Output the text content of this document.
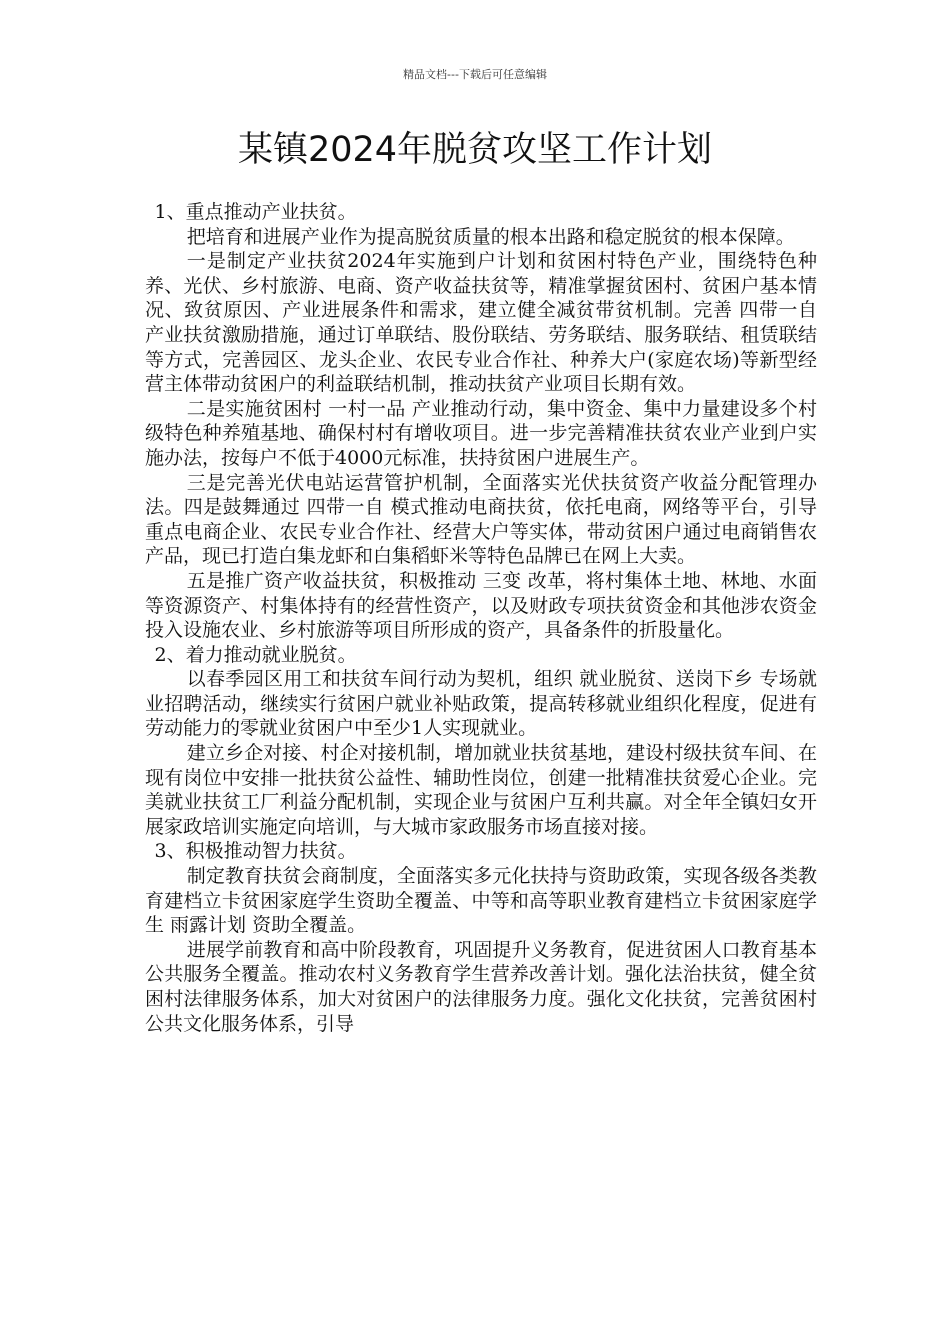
精品文档---下载后可任意编辑
某镇2024年脱贫攻坚工作计划

1、重点推动产业扶贫。

把培育和进展产业作为提高脱贫质量的根本出路和稳定脱贫的根本保障。

一是制定产业扶贫2024年实施到户计划和贫困村特色产业，围绕特色种养、光伏、乡村旅游、电商、资产收益扶贫等，精准掌握贫困村、贫困户基本情况、致贫原因、产业进展条件和需求，建立健全减贫带贫机制。完善 四带一自 产业扶贫激励措施，通过订单联结、股份联结、劳务联结、服务联结、租赁联结等方式，完善园区、龙头企业、农民专业合作社、种养大户(家庭农场)等新型经营主体带动贫困户的利益联结机制，推动扶贫产业项目长期有效。

二是实施贫困村 一村一品 产业推动行动，集中资金、集中力量建设多个村级特色种养殖基地、确保村村有增收项目。进一步完善精准扶贫农业产业到户实施办法，按每户不低于4000元标准，扶持贫困户进展生产。

三是完善光伏电站运营管护机制，全面落实光伏扶贫资产收益分配管理办法。四是鼓舞通过 四带一自 模式推动电商扶贫，依托电商，网络等平台，引导重点电商企业、农民专业合作社、经营大户等实体，带动贫困户通过电商销售农产品，现已打造白集龙虾和白集稻虾米等特色品牌已在网上大卖。

五是推广资产收益扶贫，积极推动 三变 改革，将村集体土地、林地、水面等资源资产、村集体持有的经营性资产，以及财政专项扶贫资金和其他涉农资金投入设施农业、乡村旅游等项目所形成的资产，具备条件的折股量化。

2、着力推动就业脱贫。

以春季园区用工和扶贫车间行动为契机，组织 就业脱贫、送岗下乡 专场就业招聘活动，继续实行贫困户就业补贴政策，提高转移就业组织化程度，促进有劳动能力的零就业贫困户中至少1人实现就业。

建立乡企对接、村企对接机制，增加就业扶贫基地，建设村级扶贫车间、在现有岗位中安排一批扶贫公益性、辅助性岗位，创建一批精准扶贫爱心企业。完美就业扶贫工厂利益分配机制，实现企业与贫困户互利共赢。对全年全镇妇女开展家政培训实施定向培训，与大城市家政服务市场直接对接。

3、积极推动智力扶贫。

制定教育扶贫会商制度，全面落实多元化扶持与资助政策，实现各级各类教育建档立卡贫困家庭学生资助全覆盖、中等和高等职业教育建档立卡贫困家庭学生 雨露计划 资助全覆盖。

进展学前教育和高中阶段教育，巩固提升义务教育，促进贫困人口教育基本公共服务全覆盖。推动农村义务教育学生营养改善计划。强化法治扶贫，健全贫困村法律服务体系，加大对贫困户的法律服务力度。强化文化扶贫，完善贫困村公共文化服务体系，引导
